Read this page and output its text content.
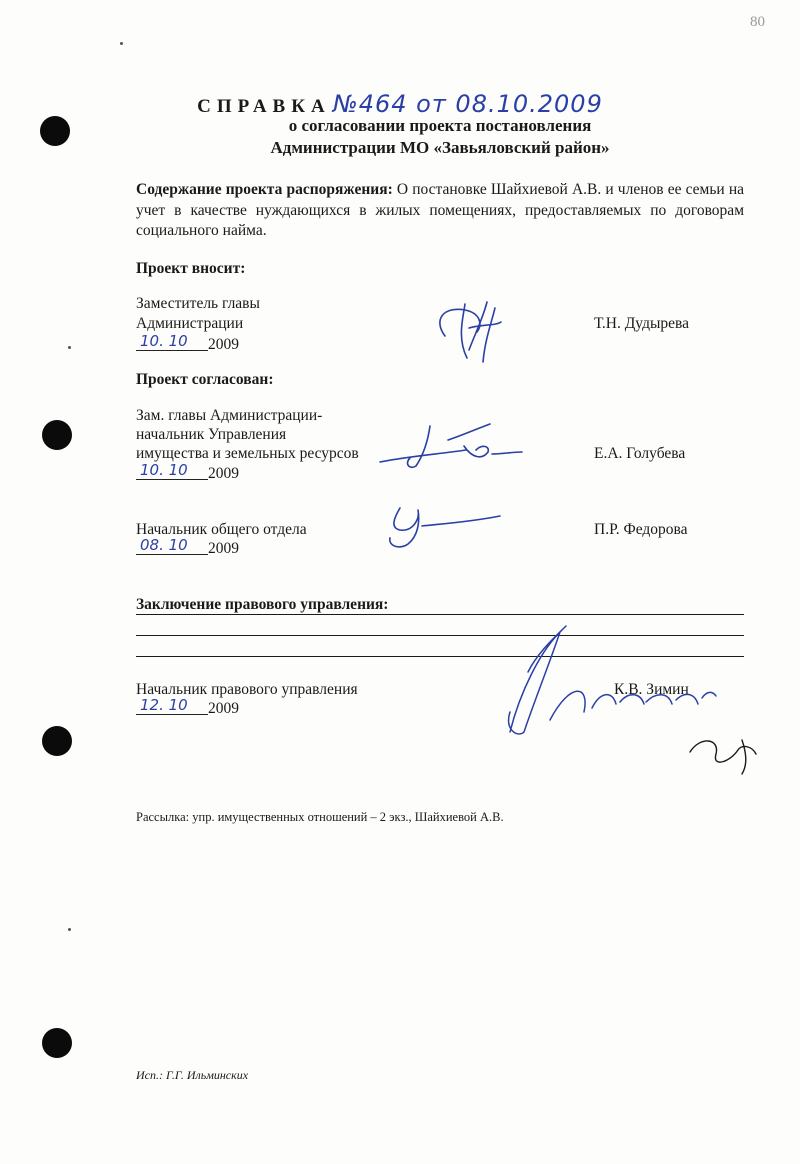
80
СПРАВКА№464 от 08.10.2009
о согласовании проекта постановления
Администрации МО «Завьяловский район»
Содержание проекта распоряжения: О постановке Шайхиевой А.В. и членов ее семьи на учет в качестве нуждающихся в жилых помещениях, предоставляемых по договорам социального найма.
Проект вносит:
Заместитель главы
Администрации
10. 10 2009
Т.Н. Дудырева
Проект согласован:
Зам. главы Администрации-
начальник Управления
имущества и земельных ресурсов
10. 10 2009
Е.А. Голубева
Начальник общего отдела
08. 10 2009
П.Р. Федорова
Заключение правового управления:
Начальник правового управления
12. 10 2009
К.В. Зимин
Рассылка: упр. имущественных отношений – 2 экз., Шайхиевой А.В.
Исп.: Г.Г. Ильминских
